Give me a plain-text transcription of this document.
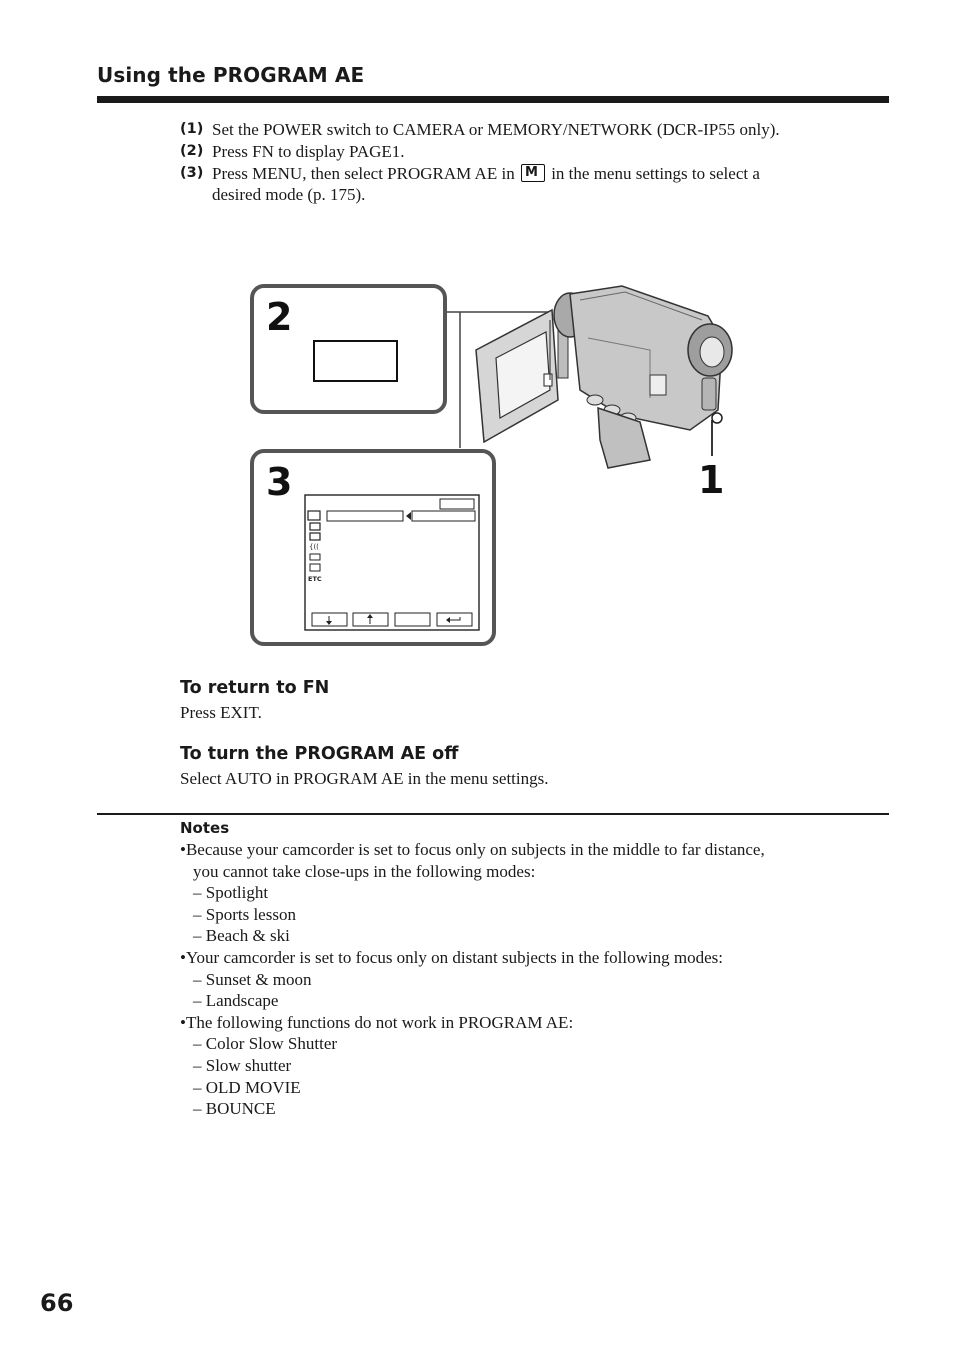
Using the PROGRAM AE
(1) Set the POWER switch to CAMERA or MEMORY/NETWORK (DCR-IP55 only).
(2) Press FN to display PAGE1.
(3) Press MENU, then select PROGRAM AE in M in the menu settings to select a
desired mode (p. 175).
2
3
{((
ETC
1
To return to FN
Press EXIT.
To turn the PROGRAM AE off
Select AUTO in PROGRAM AE in the menu settings.
Notes
•Because your camcorder is set to focus only on subjects in the middle to far distance,
you cannot take close-ups in the following modes:
– Spotlight
– Sports lesson
– Beach & ski
•Your camcorder is set to focus only on distant subjects in the following modes:
– Sunset & moon
– Landscape
•The following functions do not work in PROGRAM AE:
– Color Slow Shutter
– Slow shutter
– OLD MOVIE
– BOUNCE
66
